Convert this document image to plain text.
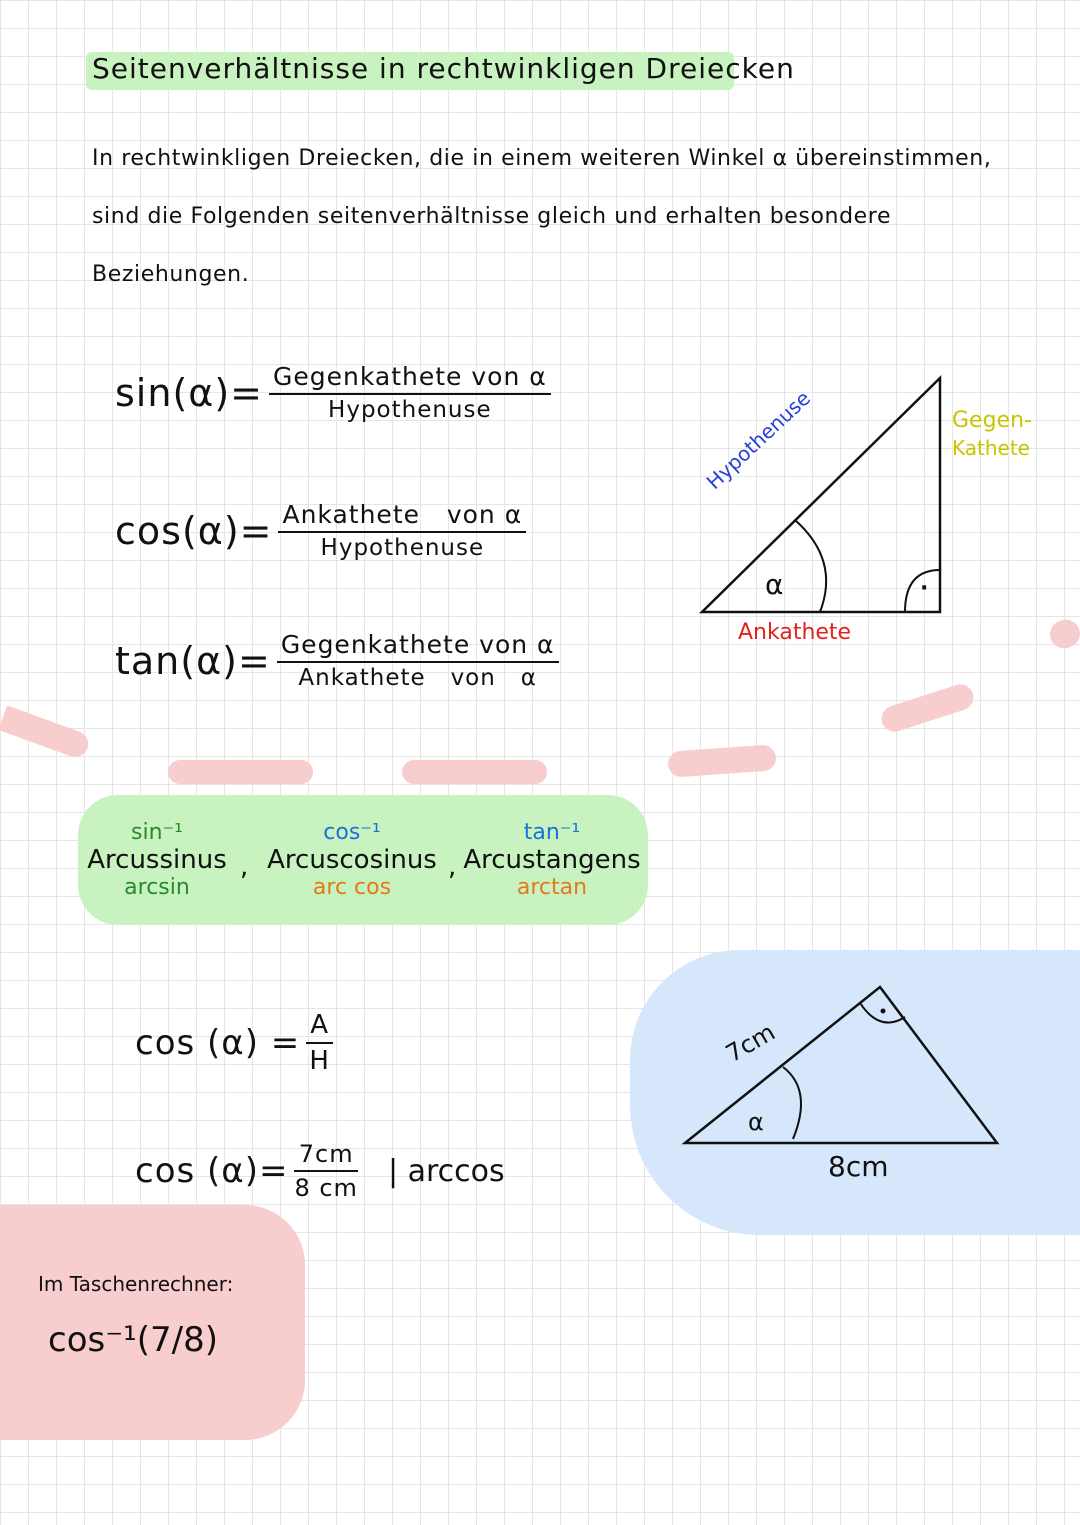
Seitenverhältnisse in rechtwinkligen Dreiecken
In rechtwinkligen Dreiecken, die in einem weiteren Winkel α übereinstimmen,
sind die Folgenden seitenverhältnisse gleich und erhalten besondere
Beziehungen.
$\sin(\alpha)= \frac{\text{Gegenkathete von α}}{\text{Hypothenuse}}$
$\cos(\alpha)= \frac{\text{Ankathete   von α}}{\text{Hypothenuse}}$
$\tan(\alpha)= \frac{\text{Gegenkathete von α}}{\text{Ankathete   von   α}}$
α	·
Hypothenuse	Gegen-
Kathete
Ankathete
sin⁻¹
Arcussinus
arcsin
,
cos⁻¹
Arcuscosinus
arc cos
,
tan⁻¹
Arcustangens
arctan
$\cos (\alpha) = \frac{A}{H}$
$\cos (\alpha)= \frac{7cm}{8 cm}$ | arccos
Im Taschenrechner:
cos⁻¹(7/8)
7cm
α
8cm
